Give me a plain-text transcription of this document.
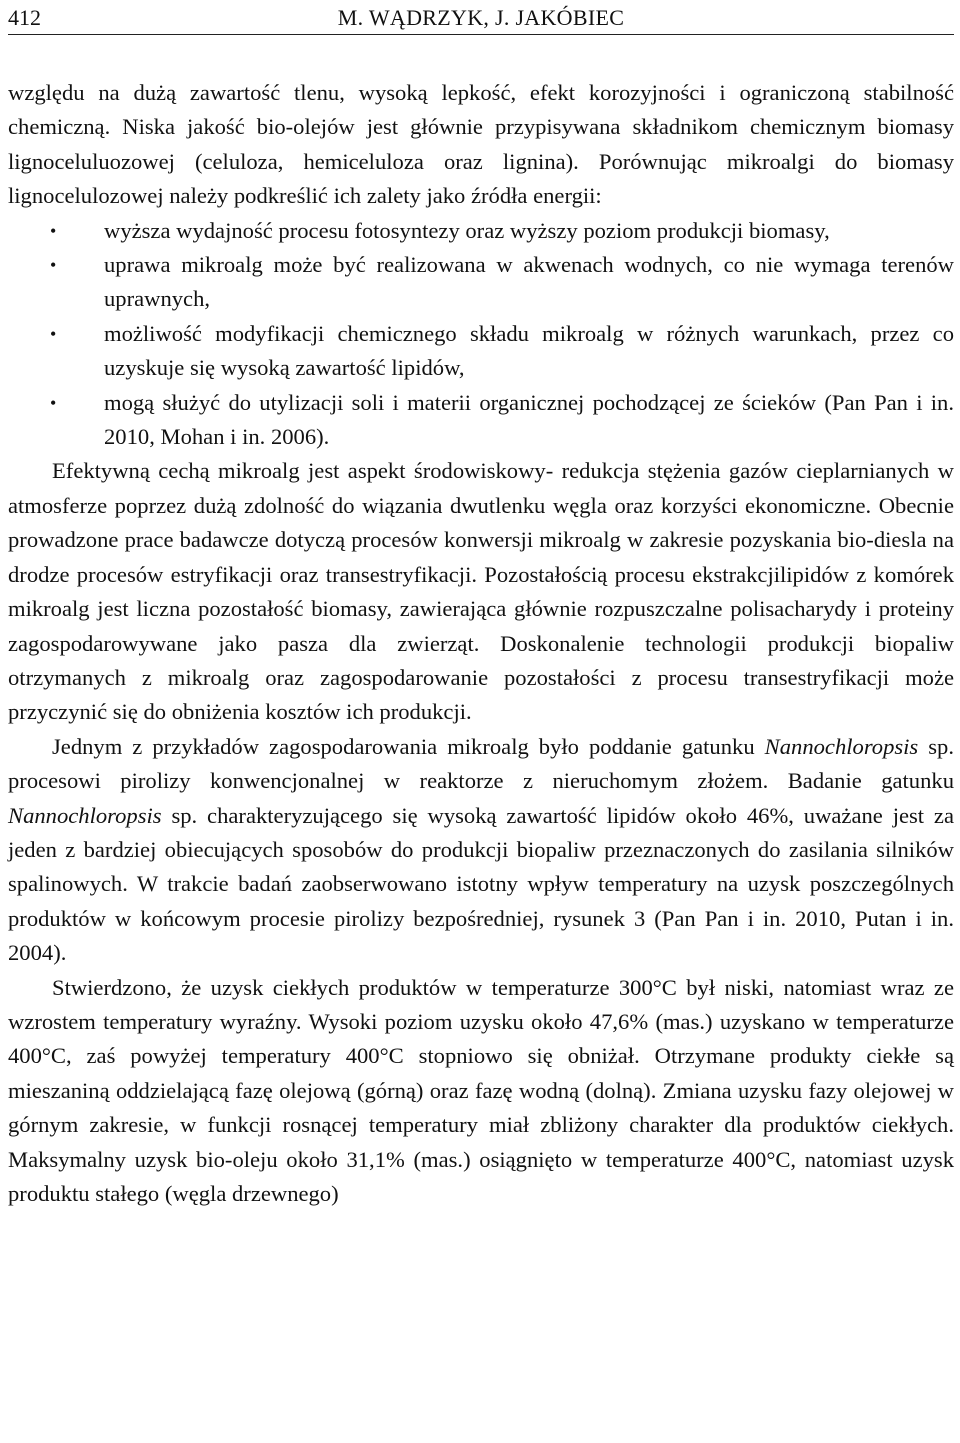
412	M. WĄDRZYK, J. JAKÓBIEC

względu na dużą zawartość tlenu, wysoką lepkość, efekt korozyjności i ograniczoną stabilność chemiczną. Niska jakość bio-olejów jest głównie przypisywana składnikom chemicznym biomasy lignoceluluozowej (celuloza, hemiceluloza oraz lignina). Porównując mikroalgi do biomasy lignocelulozowej należy podkreślić ich zalety jako źródła energii:

• wyższa wydajność procesu fotosyntezy oraz wyższy poziom produkcji biomasy,
• uprawa mikroalg może być realizowana w akwenach wodnych, co nie wymaga terenów uprawnych,
• możliwość modyfikacji chemicznego składu mikroalg w różnych warunkach, przez co uzyskuje się wysoką zawartość lipidów,
• mogą służyć do utylizacji soli i materii organicznej pochodzącej ze ścieków (Pan Pan i in. 2010, Mohan i in. 2006).

Efektywną cechą mikroalg jest aspekt środowiskowy- redukcja stężenia gazów cieplarnianych w atmosferze poprzez dużą zdolność do wiązania dwutlenku węgla oraz korzyści ekonomiczne. Obecnie prowadzone prace badawcze dotyczą procesów konwersji mikroalg w zakresie pozyskania bio-diesla na drodze procesów estryfikacji oraz transestryfikacji. Pozostałością procesu ekstrakcjilipidów z komórek mikroalg jest liczna pozostałość biomasy, zawierająca głównie rozpuszczalne polisacharydy i proteiny zagospodarowywane jako pasza dla zwierząt. Doskonalenie technologii produkcji biopaliw otrzymanych z mikroalg oraz zagospodarowanie pozostałości z procesu transestryfikacji może przyczynić się do obniżenia kosztów ich produkcji.

Jednym z przykładów zagospodarowania mikroalg było poddanie gatunku Nannochloropsis sp. procesowi pirolizy konwencjonalnej w reaktorze z nieruchomym złożem. Badanie gatunku Nannochloropsis sp. charakteryzującego się wysoką zawartość lipidów około 46%, uważane jest za jeden z bardziej obiecujących sposobów do produkcji biopaliw przeznaczonych do zasilania silników spalinowych. W trakcie badań zaobserwowano istotny wpływ temperatury na uzysk poszczególnych produktów w końcowym procesie pirolizy bezpośredniej, rysunek 3 (Pan Pan i in. 2010, Putan i in. 2004).

Stwierdzono, że uzysk ciekłych produktów w temperaturze 300°C był niski, natomiast wraz ze wzrostem temperatury wyraźny. Wysoki poziom uzysku około 47,6% (mas.) uzyskano w temperaturze 400°C, zaś powyżej temperatury 400°C stopniowo się obniżał. Otrzymane produkty ciekłe są mieszaniną oddzielającą fazę olejową (górną) oraz fazę wodną (dolną). Zmiana uzysku fazy olejowej w górnym zakresie, w funkcji rosnącej temperatury miał zbliżony charakter dla produktów ciekłych. Maksymalny uzysk bio-oleju około 31,1% (mas.) osiągnięto w temperaturze 400°C, natomiast uzysk produktu stałego (węgla drzewnego)
